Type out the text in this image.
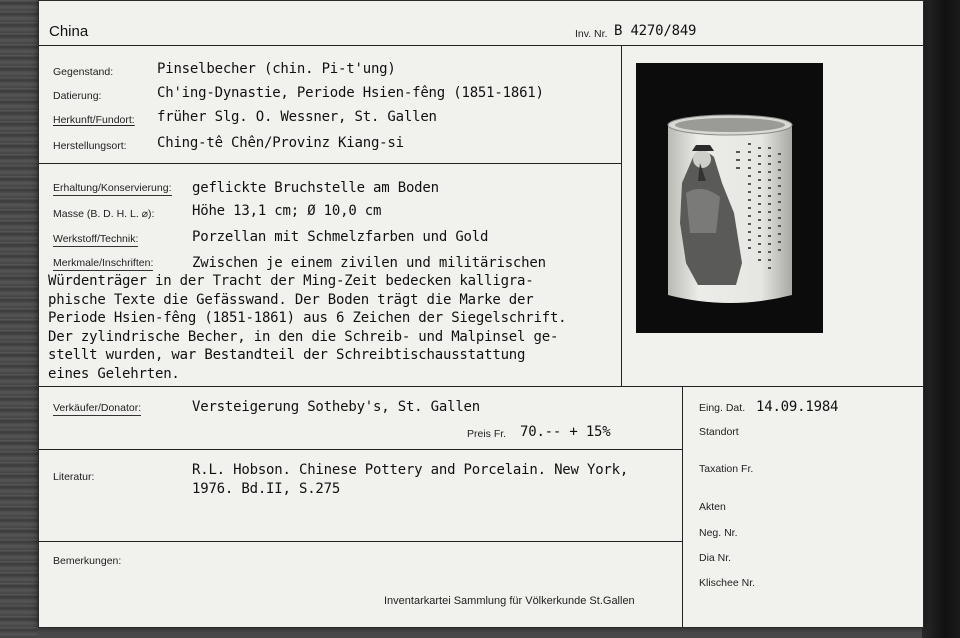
China	Inv. Nr. B 4270/849
Gegenstand:	Pinselbecher (chin. Pi-t'ung)
Datierung:	Ch'ing-Dynastie, Periode Hsien-fêng (1851-1861)
Herkunft/Fundort: früher Slg. O. Wessner, St. Gallen
Herstellungsort: Ching-tê Chên/Provinz Kiang-si
Erhaltung/Konservierung: geflickte Bruchstelle am Boden
Masse (B. D. H. L. ⌀):	Höhe 13,1 cm; Ø 10,0 cm
Werkstoff/Technik:	Porzellan mit Schmelzfarben und Gold
Merkmale/Inschriften:	Zwischen je einem zivilen und militärischen
Würdenträger in der Tracht der Ming-Zeit bedecken kalligra-
phische Texte die Gefässwand. Der Boden trägt die Marke der
Periode Hsien-fêng (1851-1861) aus 6 Zeichen der Siegelschrift.
Der zylindrische Becher, in den die Schreib- und Malpinsel ge-
stellt wurden, war Bestandteil der Schreibtischausstattung
eines Gelehrten.
Verkäufer/Donator:	Versteigerung Sotheby's, St. Gallen
Preis Fr. 70.-- + 15%
Literatur:	R.L. Hobson. Chinese Pottery and Porcelain. New York,
1976. Bd.II, S.275
Bemerkungen:
Inventarkartei Sammlung für Völkerkunde St.Gallen
Eing. Dat. 14.09.1984
Standort
Taxation Fr.
Akten
Neg. Nr.
Dia Nr.
Klischee Nr.
